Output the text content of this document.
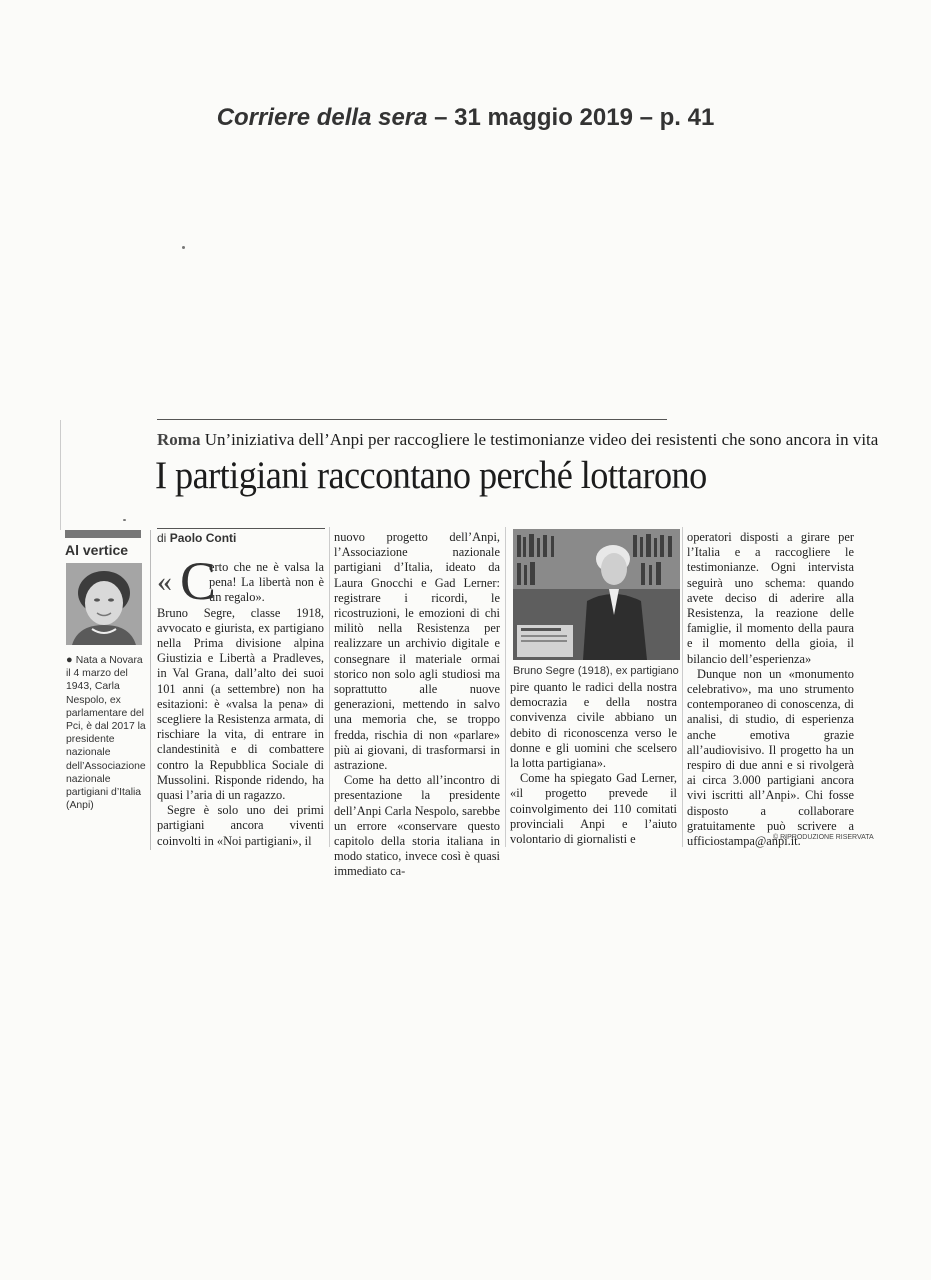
Corriere della sera – 31 maggio 2019 – p. 41
Roma Un’iniziativa dell’Anpi per raccogliere le testimonianze video dei resistenti che sono ancora in vita
I partigiani raccontano perché lottarono
Al vertice
● Nata a Novara il 4 marzo del 1943, Carla Nespolo, ex parlamentare del Pci, è dal 2017 la presidente nazionale dell’Associazione nazionale partigiani d’Italia (Anpi)
di Paolo Conti
« C

erto che ne è valsa la pena! La libertà non è un regalo».

Bruno Segre, classe 1918, avvocato e giurista, ex partigiano nella Prima divisione alpina Giustizia e Libertà a Pradleves, in Val Grana, dall’alto dei suoi 101 anni (a settembre) non ha esitazioni: è «valsa la pena» di scegliere la Resistenza armata, di rischiare la vita, di entrare in clandestinità e di combattere contro la Repubblica Sociale di Mussolini. Risponde ridendo, ha quasi l’aria di un ragazzo.

Segre è solo uno dei primi partigiani ancora viventi coinvolti in «Noi partigiani», il

nuovo progetto dell’Anpi, l’Associazione nazionale partigiani d’Italia, ideato da Laura Gnocchi e Gad Lerner: registrare i ricordi, le ricostruzioni, le emozioni di chi militò nella Resistenza per realizzare un archivio digitale e consegnare il materiale ormai storico non solo agli studiosi ma soprattutto alle nuove generazioni, mettendo in salvo una memoria che, se troppo fredda, rischia di non «parlare» più ai giovani, di trasformarsi in astrazione.

Come ha detto all’incontro di presentazione la presidente dell’Anpi Carla Nespolo, sarebbe un errore «conservare questo capitolo della storia italiana in modo statico, invece così è quasi immediato ca-

Bruno Segre (1918), ex partigiano

pire quanto le radici della nostra democrazia e della nostra convivenza civile abbiano un debito di riconoscenza verso le donne e gli uomini che scelsero la lotta partigiana».

Come ha spiegato Gad Lerner, «il progetto prevede il coinvolgimento dei 110 comitati provinciali Anpi e l’aiuto volontario di giornalisti e

operatori disposti a girare per l’Italia e a raccogliere le testimonianze. Ogni intervista seguirà uno schema: quando avete deciso di aderire alla Resistenza, la reazione delle famiglie, il momento della paura e il momento della gioia, il bilancio dell’esperienza»

Dunque non un «monumento celebrativo», ma uno strumento contemporaneo di conoscenza, di analisi, di studio, di esperienza anche emotiva grazie all’audiovisivo. Il progetto ha un respiro di due anni e si rivolgerà ai circa 3.000 partigiani ancora vivi iscritti all’Anpi». Chi fosse disposto a collaborare gratuitamente può scrivere a ufficiostampa@anpi.it.

© RIPRODUZIONE RISERVATA
